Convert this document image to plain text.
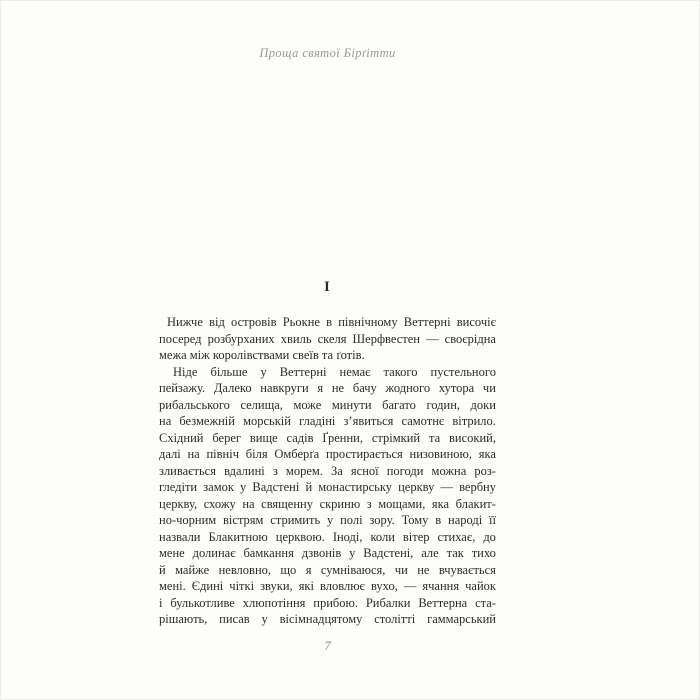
Проща святої Бірґітти
I
Нижче від островів Рьокне в північному Веттерні височіє
посеред розбурханих хвиль скеля Шерфвестен — своєрідна
межа між королівствами свеїв та ґотів.
Ніде більше у Веттерні немає такого пустельного
пейзажу. Далеко навкруги я не бачу жодного хутора чи
рибальського селища, може минути багато годин, доки
на безмежній морській гладіні з’явиться самотнє вітрило.
Східний берег вище садів Ґренни, стрімкий та високий,
далі на північ біля Омберґа простирається низовиною, яка
зливається вдалині з морем. За ясної погоди можна роз-
гледіти замок у Вадстені й монастирську церкву — вербну
церкву, схожу на священну скриню з мощами, яка блакит-
но-чорним вістрям стримить у полі зору. Тому в народі її
назвали Блакитною церквою. Іноді, коли вітер стихає, до
мене долинає бамкання дзвонів у Вадстені, але так тихо
й майже невловно, що я сумніваюся, чи не вчувається
мені. Єдині чіткі звуки, які вловлює вухо, — ячання чайок
і булькотливе хлюпотіння прибою. Рибалки Веттерна ста-
рішають, писав у вісімнадцятому столітті гаммарський
7
